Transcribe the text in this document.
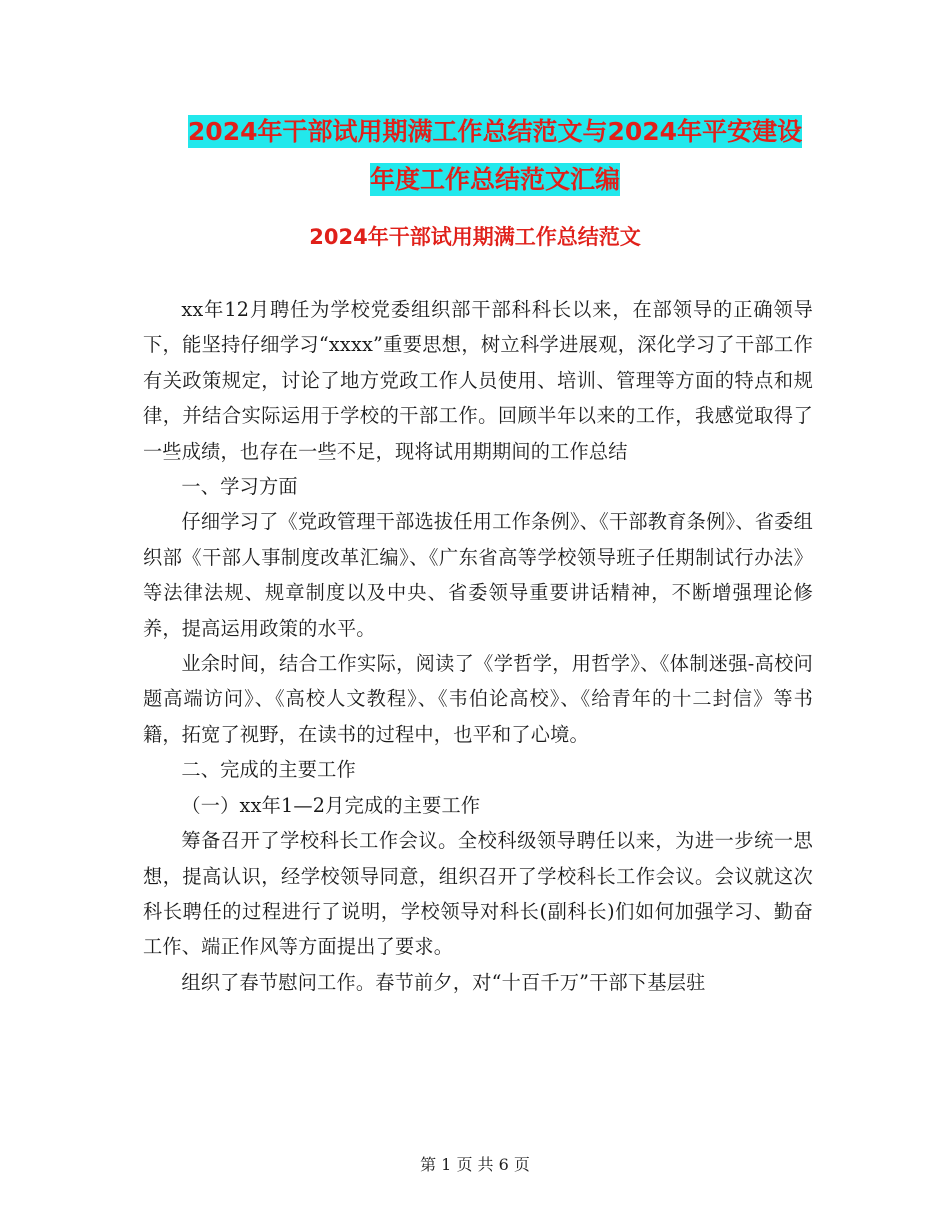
2024年干部试用期满工作总结范文与2024年平安建设
年度工作总结范文汇编
2024年干部试用期满工作总结范文

xx年12月聘任为学校党委组织部干部科科长以来，在部领导的正确领导下，能坚持仔细学习“xxxx”重要思想，树立科学进展观，深化学习了干部工作有关政策规定，讨论了地方党政工作人员使用、培训、管理等方面的特点和规律，并结合实际运用于学校的干部工作。回顾半年以来的工作，我感觉取得了一些成绩，也存在一些不足，现将试用期期间的工作总结

一、学习方面

仔细学习了《党政管理干部选拔任用工作条例》、《干部教育条例》、省委组织部《干部人事制度改革汇编》、《广东省高等学校领导班子任期制试行办法》等法律法规、规章制度以及中央、省委领导重要讲话精神，不断增强理论修养，提高运用政策的水平。

业余时间，结合工作实际，阅读了《学哲学，用哲学》、《体制迷强-高校问题高端访问》、《高校人文教程》、《韦伯论高校》、《给青年的十二封信》等书籍，拓宽了视野，在读书的过程中，也平和了心境。

二、完成的主要工作

（一）xx年1—2月完成的主要工作

筹备召开了学校科长工作会议。全校科级领导聘任以来，为进一步统一思想，提高认识，经学校领导同意，组织召开了学校科长工作会议。会议就这次科长聘任的过程进行了说明，学校领导对科长(副科长)们如何加强学习、勤奋工作、端正作风等方面提出了要求。

组织了春节慰问工作。春节前夕，对“十百千万”干部下基层驻

第 1 页 共 6 页
